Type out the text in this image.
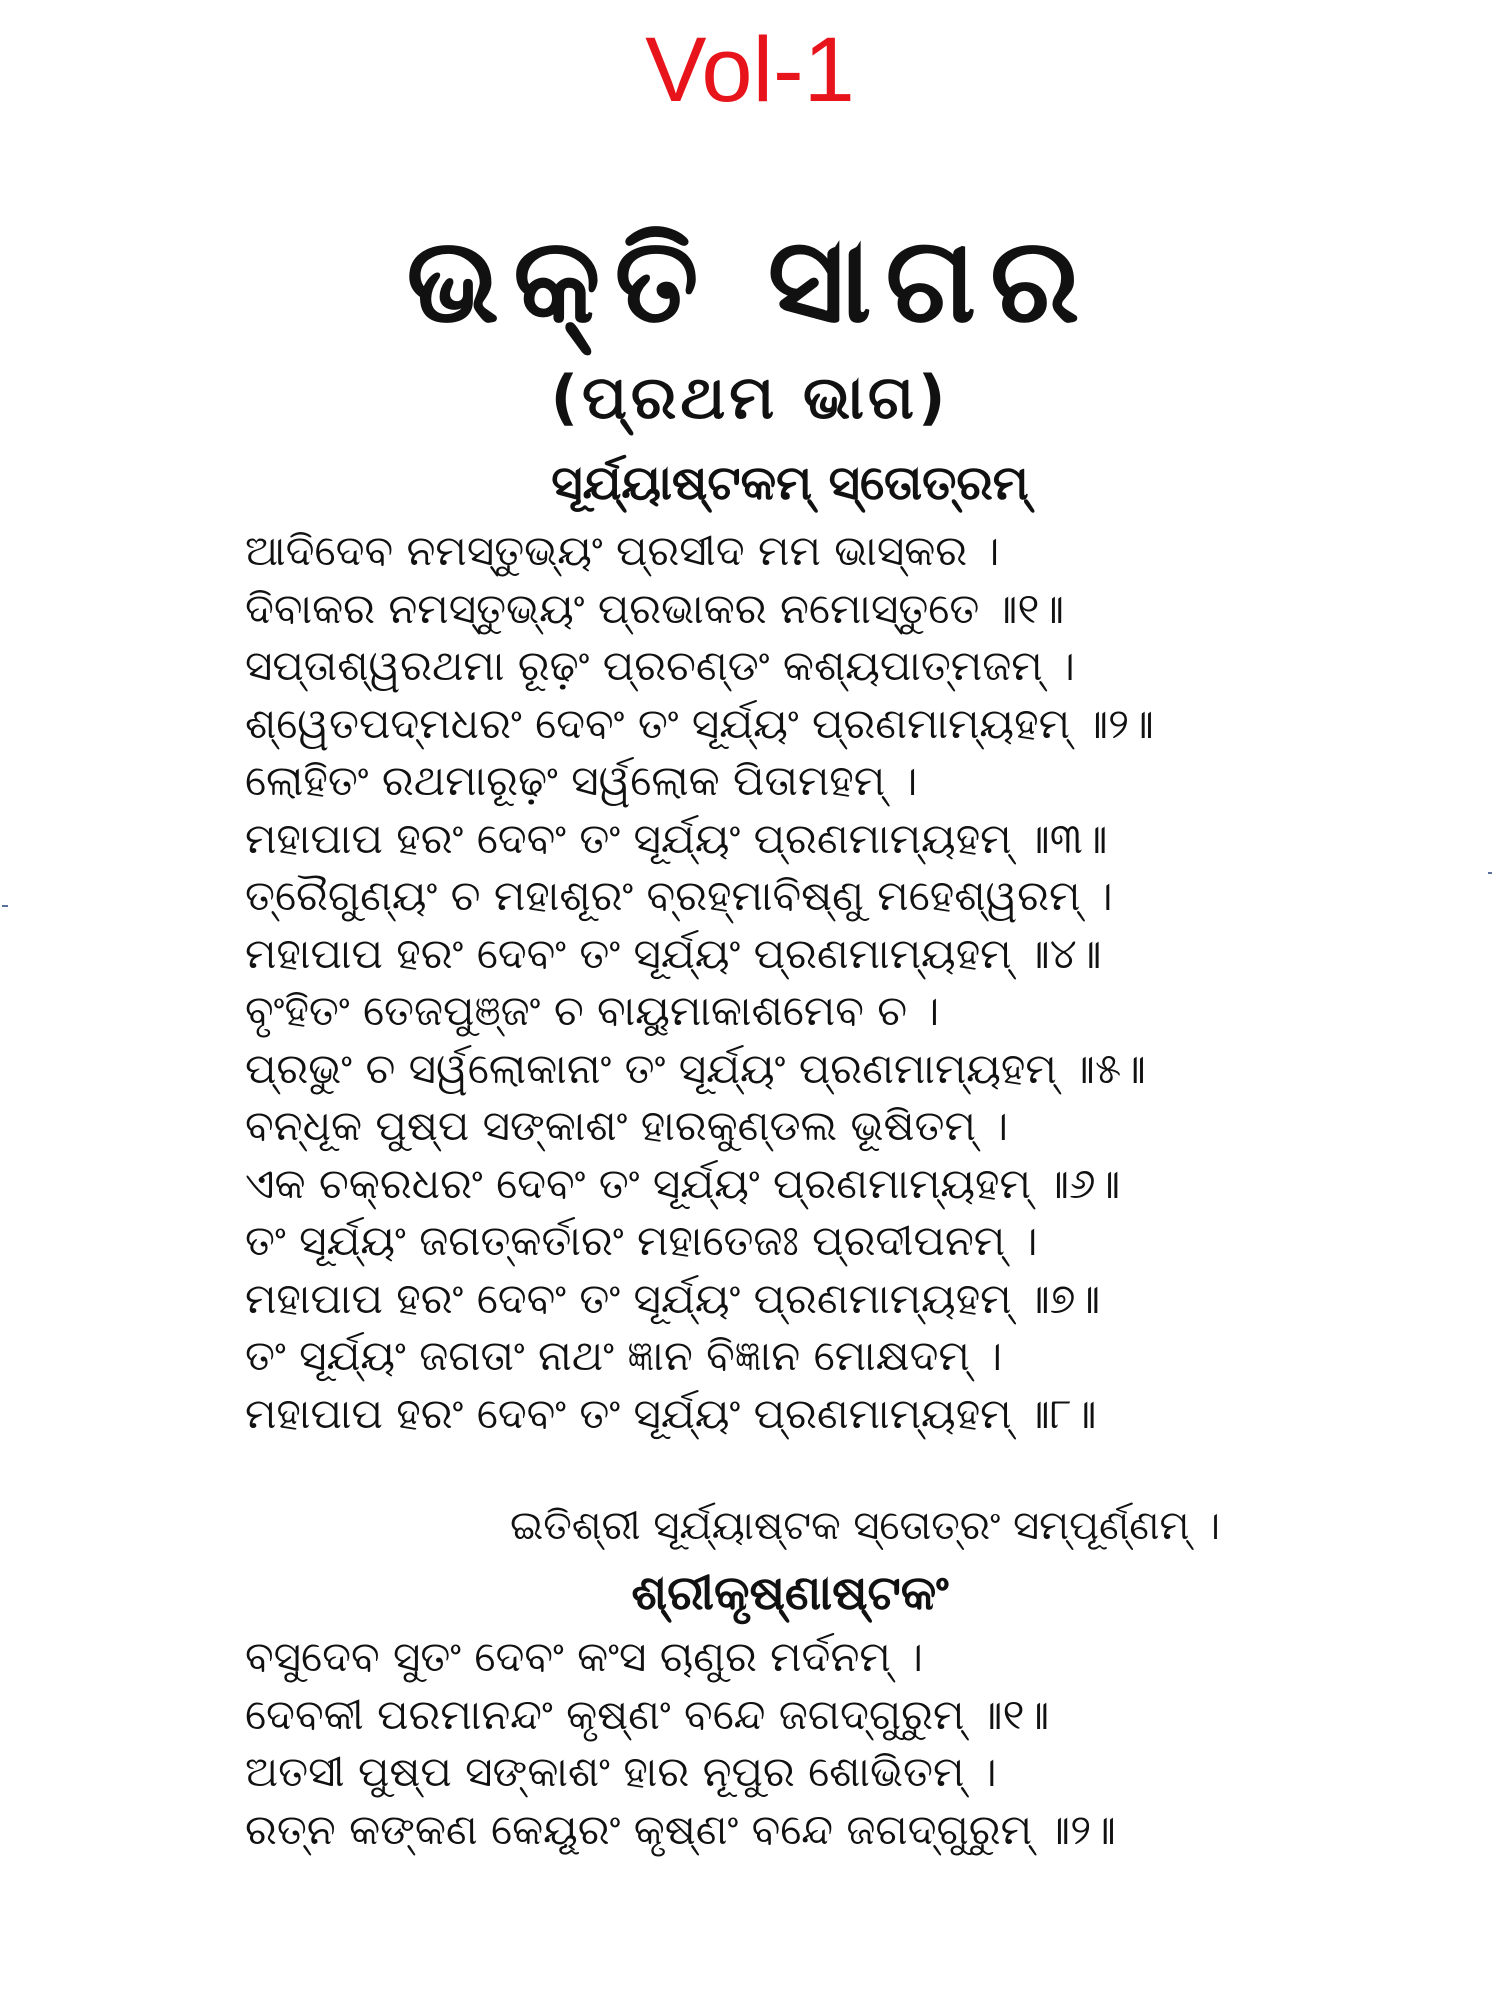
Vol-1
ଭକ୍ତି ସାଗର
(ପ୍ରଥମ ଭାଗ)
ସୂର୍ଯ୍ୟାଷ୍ଟକମ୍ ସ୍ତୋତ୍ରମ୍
ଆଦିଦେବ ନମସ୍ତୁଭ୍ୟଂ ପ୍ରସୀଦ ମମ ଭାସ୍କର ।
ଦିବାକର ନମସ୍ତୁଭ୍ୟଂ ପ୍ରଭାକର ନମୋସ୍ତୁତେ ॥୧॥
ସପ୍ତାଶ୍ୱରଥମା ରୂଢ଼ଂ ପ୍ରଚଣ୍ଡଂ କଶ୍ୟପାତ୍ମଜମ୍ ।
ଶ୍ୱେତପଦ୍ମଧରଂ ଦେବଂ ତଂ ସୂର୍ଯ୍ୟଂ ପ୍ରଣମାମ୍ୟହମ୍ ॥୨॥
ଲୋହିତଂ ରଥମାରୂଢ଼ଂ ସର୍ୱଲୋକ ପିତାମହମ୍ ।
ମହାପାପ ହରଂ ଦେବଂ ତଂ ସୂର୍ଯ୍ୟଂ ପ୍ରଣମାମ୍ୟହମ୍ ॥୩॥
ତ୍ରୈଗୁଣ୍ୟଂ ଚ ମହାଶୂରଂ ବ୍ରହ୍ମାବିଷ୍ଣୁ ମହେଶ୍ୱରମ୍ ।
ମହାପାପ ହରଂ ଦେବଂ ତଂ ସୂର୍ଯ୍ୟଂ ପ୍ରଣମାମ୍ୟହମ୍ ॥୪॥
ବୃଂହିତଂ ତେଜପୁଞ୍ଜଂ ଚ ବାୟୁମାକାଶମେବ ଚ ।
ପ୍ରଭୁଂ ଚ ସର୍ୱଲୋକାନାଂ ତଂ ସୂର୍ଯ୍ୟଂ ପ୍ରଣମାମ୍ୟହମ୍ ॥୫॥
ବନ୍ଧୂକ ପୁଷ୍ପ ସଙ୍କାଶଂ ହାରକୁଣ୍ଡଲ ଭୂଷିତମ୍ ।
ଏକ ଚକ୍ରଧରଂ ଦେବଂ ତଂ ସୂର୍ଯ୍ୟଂ ପ୍ରଣମାମ୍ୟହମ୍ ॥୬॥
ତଂ ସୂର୍ଯ୍ୟଂ ଜଗତ୍କର୍ତାରଂ ମହାତେଜଃ ପ୍ରଦୀପନମ୍ ।
ମହାପାପ ହରଂ ଦେବଂ ତଂ ସୂର୍ଯ୍ୟଂ ପ୍ରଣମାମ୍ୟହମ୍ ॥୭॥
ତଂ ସୂର୍ଯ୍ୟଂ ଜଗତାଂ ନାଥଂ ଜ୍ଞାନ ବିଜ୍ଞାନ ମୋକ୍ଷଦମ୍ ।
ମହାପାପ ହରଂ ଦେବଂ ତଂ ସୂର୍ଯ୍ୟଂ ପ୍ରଣମାମ୍ୟହମ୍ ॥୮॥
ଇତିଶ୍ରୀ ସୂର୍ଯ୍ୟାଷ୍ଟକ ସ୍ତୋତ୍ରଂ ସମ୍ପୂର୍ଣ୍ଣମ୍ ।
ଶ୍ରୀକୃଷ୍ଣାଷ୍ଟକଂ
ବସୁଦେବ ସୁତଂ ଦେବଂ କଂସ ଚାଣୁର ମର୍ଦନମ୍ ।
ଦେବକୀ ପରମାନନ୍ଦଂ କୃଷ୍ଣଂ ବନ୍ଦେ ଜଗଦ୍‌ଗୁରୁମ୍ ॥୧॥
ଅତସୀ ପୁଷ୍ପ ସଙ୍କାଶଂ ହାର ନୂପୁର ଶୋଭିତମ୍ ।
ରତ୍ନ କଙ୍କଣ କେୟୂରଂ କୃଷ୍ଣଂ ବନ୍ଦେ ଜଗଦ୍‌ଗୁରୁମ୍ ॥୨॥
